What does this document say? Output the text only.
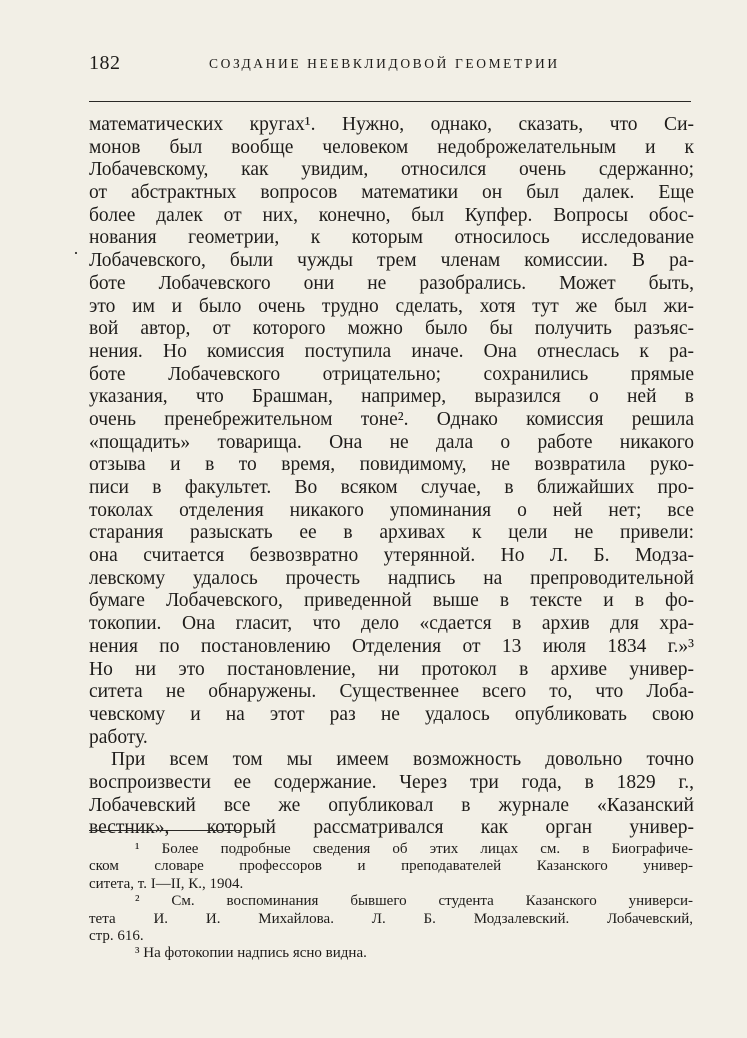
182	СОЗДАНИЕ НЕЕВКЛИДОВОЙ ГЕОМЕТРИИ
·
математических кругах¹. Нужно, однако, сказать, что Си-
монов был вообще человеком недоброжелательным и к
Лобачевскому, как увидим, относился очень сдержанно;
от абстрактных вопросов математики он был далек. Еще
более далек от них, конечно, был Купфер. Вопросы обос-
нования геометрии, к которым относилось исследование
Лобачевского, были чужды трем членам комиссии. В ра-
боте Лобачевского они не разобрались. Может быть,
это им и было очень трудно сделать, хотя тут же был жи-
вой автор, от которого можно было бы получить разъяс-
нения. Но комиссия поступила иначе. Она отнеслась к ра-
боте Лобачевского отрицательно; сохранились прямые
указания, что Брашман, например, выразился о ней в
очень пренебрежительном тоне². Однако комиссия решила
«пощадить» товарища. Она не дала о работе никакого
отзыва и в то время, повидимому, не возвратила руко-
писи в факультет. Во всяком случае, в ближайших про-
токолах отделения никакого упоминания о ней нет; все
старания разыскать ее в архивах к цели не привели:
она считается безвозвратно утерянной. Но Л. Б. Модза-
левскому удалось прочесть надпись на препроводительной
бумаге Лобачевского, приведенной выше в тексте и в фо-
токопии. Она гласит, что дело «сдается в архив для хра-
нения по постановлению Отделения от 13 июля 1834 г.»³
Но ни это постановление, ни протокол в архиве универ-
ситета не обнаружены. Существеннее всего то, что Лоба-
чевскому и на этот раз не удалось опубликовать свою
работу.
При всем том мы имеем возможность довольно точно
воспроизвести ее содержание. Через три года, в 1829 г.,
Лобачевский все же опубликовал в журнале «Казанский
вестник», который рассматривался как орган универ-
¹ Более подробные сведения об этих лицах см. в Биографиче-
ском словаре профессоров и преподавателей Казанского универ-
ситета, т. I—II, К., 1904.
² См. воспоминания бывшего студента Казанского универси-
тета И. И. Михайлова. Л. Б. Модзалевский. Лобачевский,
стр. 616.
³ На фотокопии надпись ясно видна.
